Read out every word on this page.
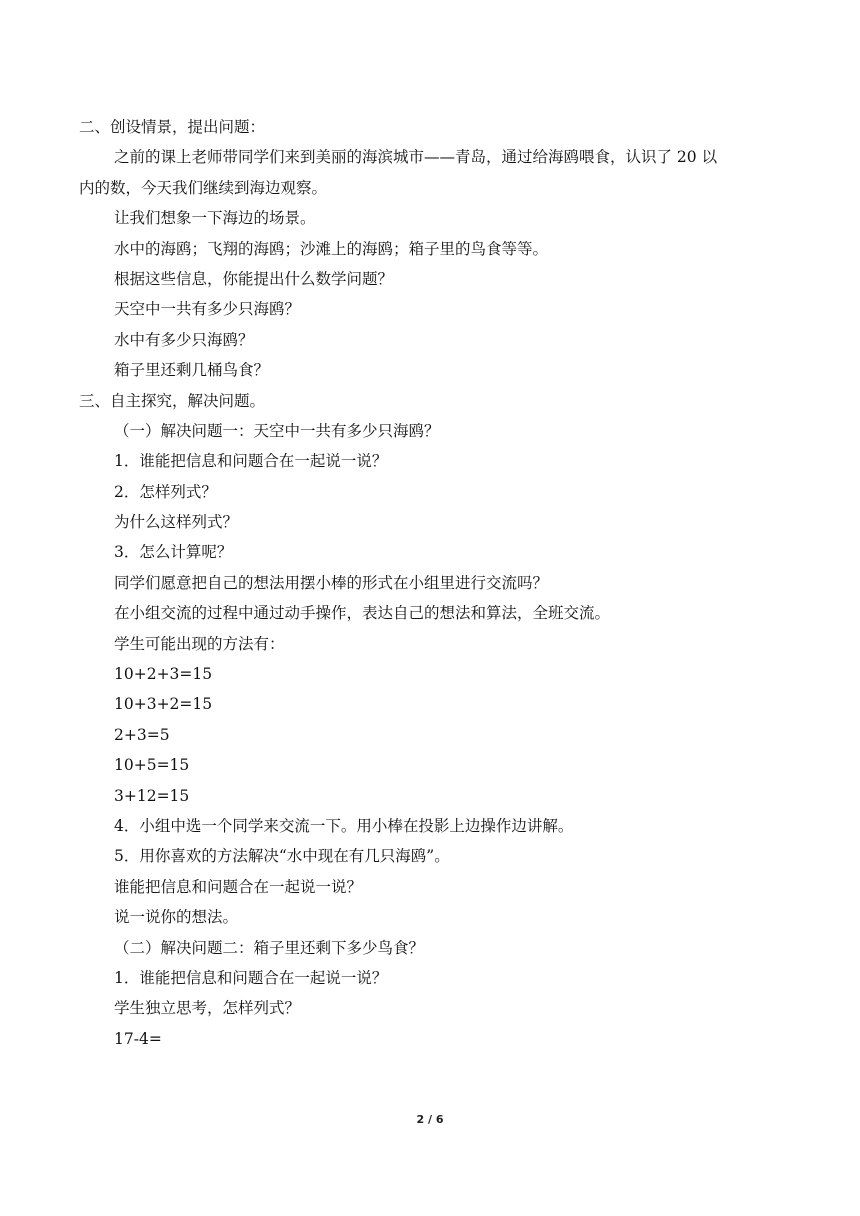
二、创设情景，提出问题：
之前的课上老师带同学们来到美丽的海滨城市——青岛，通过给海鸥喂食，认识了 20 以
内的数，今天我们继续到海边观察。
让我们想象一下海边的场景。
水中的海鸥；飞翔的海鸥；沙滩上的海鸥；箱子里的鸟食等等。
根据这些信息，你能提出什么数学问题？
天空中一共有多少只海鸥？
水中有多少只海鸥？
箱子里还剩几桶鸟食？
三、自主探究，解决问题。
（一）解决问题一：天空中一共有多少只海鸥？
1．谁能把信息和问题合在一起说一说？
2．怎样列式？
为什么这样列式？
3．怎么计算呢？
同学们愿意把自己的想法用摆小棒的形式在小组里进行交流吗？
在小组交流的过程中通过动手操作，表达自己的想法和算法，全班交流。
学生可能出现的方法有：
10+2+3=15
10+3+2=15
2+3=5
10+5=15
3+12=15
4．小组中选一个同学来交流一下。用小棒在投影上边操作边讲解。
5．用你喜欢的方法解决“水中现在有几只海鸥”。
谁能把信息和问题合在一起说一说？
说一说你的想法。
（二）解决问题二：箱子里还剩下多少鸟食？
1．谁能把信息和问题合在一起说一说？
学生独立思考，怎样列式？
17-4=
2 / 6
